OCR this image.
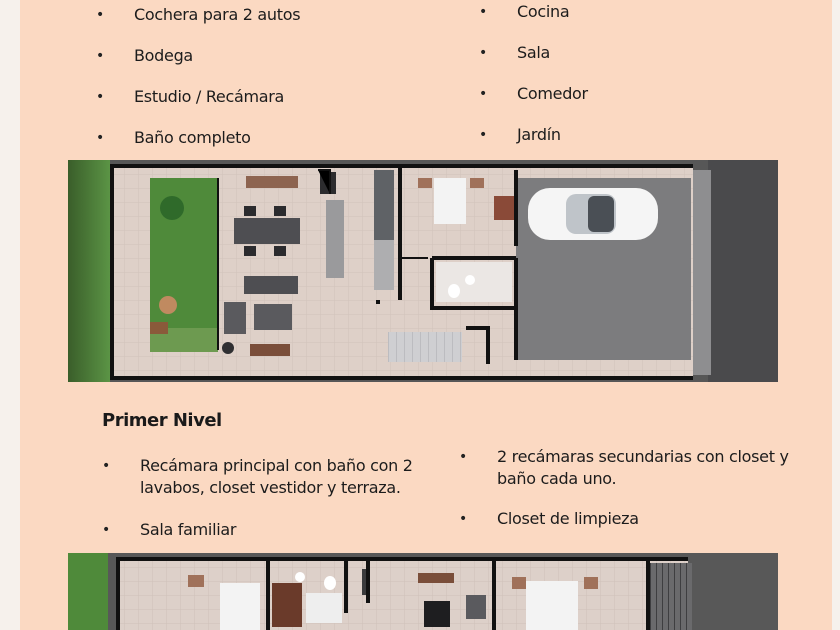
• Cochera para 2 autos
• Bodega
• Estudio / Recámara
• Baño completo
• Cocina
• Sala
• Comedor
• Jardín
Primer Nivel
• Recámara principal con baño con 2 lavabos, closet vestidor y terraza.
• Sala familiar
• 2 recámaras secundarias con closet y baño cada uno.
• Closet de limpieza
